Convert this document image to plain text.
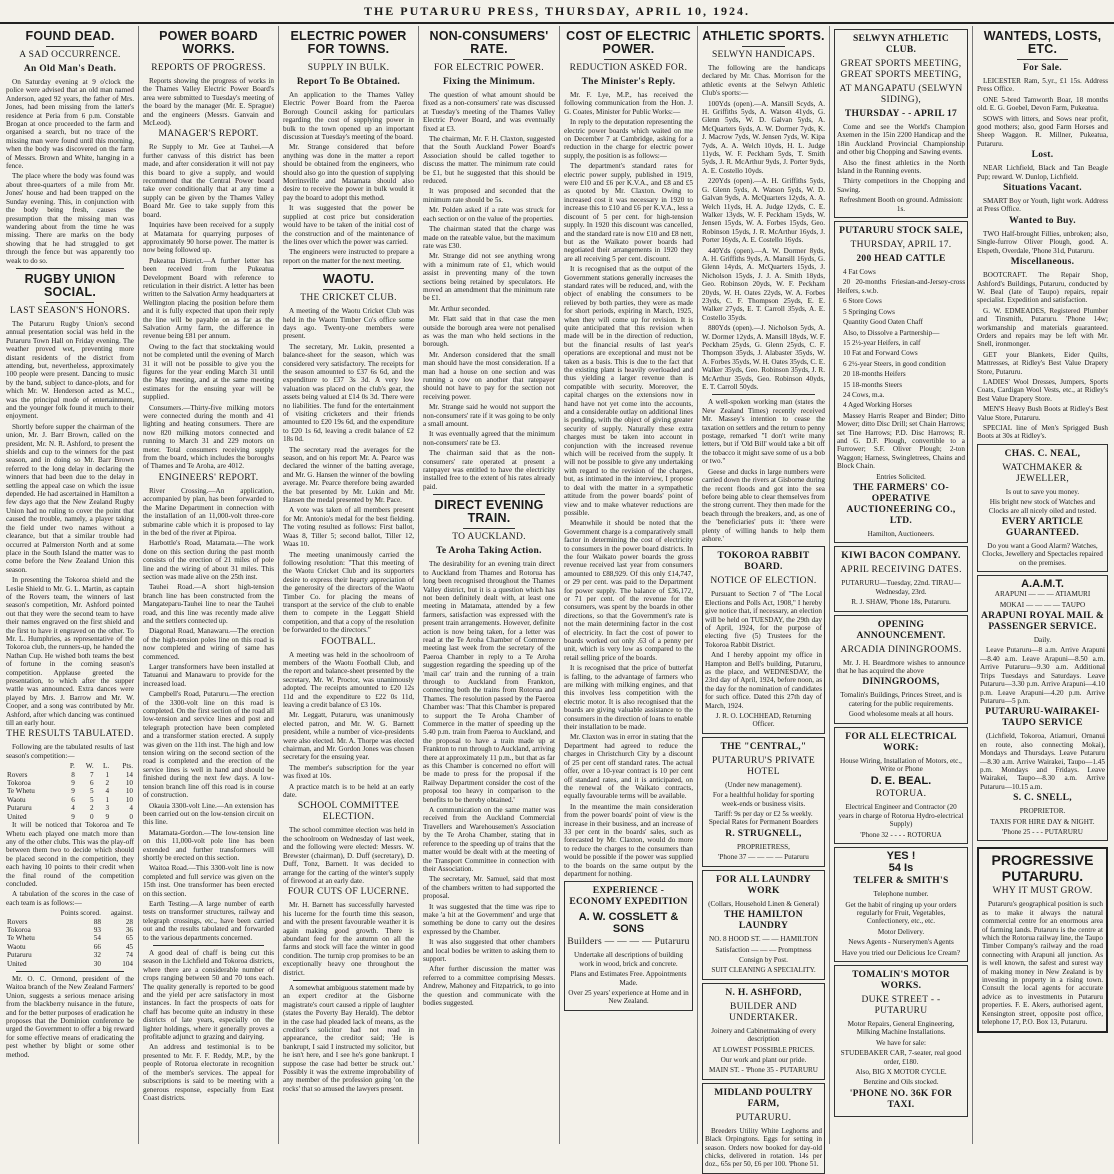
THE PUTARURU PRESS, THURSDAY, APRIL 10, 1924.
FOUND DEAD.
A SAD OCCURRENCE.
An Old Man's Death.

On Saturday evening at 9 o'clock the police were advised that an old man named Anderson, aged 92 years, the father of Mrs. Jones, had been missing from the latter's residence at Peria from 6 p.m. Constable Brogan at once proceeded to the farm and organised a search, but no trace of the missing man were found until this morning, when the body was discovered on the farm of Messrs. Brown and White, hanging in a fence.

The place where the body was found was about three-quarters of a mile from Mr. Jones' house and had been trapped on the Sunday evening. This, in conjunction with the body being fresh, causes the presumption that the missing man was wandering about from the time he was missing. There are marks on the body showing that he had struggled to get through the fence but was apparently too weak to do so.

RUGBY UNION SOCIAL.
LAST SEASON'S HONORS.

The Putaruru Rugby Union's second annual presentation social was held in the Putaruru Town Hall on Friday evening. The weather proved wet, preventing more distant residents of the district from attending, but, nevertheless, approximately 100 people were present. Dancing to music by the band, subject to dance-plots, and for which Mr. W. Henderson acted as M.C., was the principal mode of entertainment, and the younger folk found it much to their enjoyment.

Shortly before supper the chairman of the union, Mr. J. Barr Brown, called on the president, Mr. N. R. Ashford, to present the shields and cup to the winners for the past season, and in doing so Mr. Barr Brown referred to the long delay in declaring the winners that had been due to the delay in settling the appeal case on which the issue depended. He had ascertained in Hamilton a few days ago that the New Zealand Rugby Union had no ruling to cover the point that caused the trouble, namely, a player taking the field under two names without a clearance, but that a similar trouble had occurred at Palmerston North and at some place in the South Island the matter was to come before the New Zealand Union this season.

In presenting the Tokoroa shield and the Leslie Shield to Mr. G. L. Martin, as captain of the Rovers team, the winners of last season's competition, Mr. Ashford pointed out that they were the second team to have their names engraved on the first shield and the first to have it engraved on the other. To Mr. L. Humphries, as representative of the Tokoroa club, the runners-up, he handed the Nathan Cup. He wished both teams the best of fortune in the coming season's competition. Applause greeted the presentation, to which after the supper wattle was announced. Extra dances were played by Mrs. J. Barrow and Mr. W. Cooper, and a song was contributed by Mr. Ashford, after which dancing was continued till an early hour.

THE RESULTS TABULATED.

Following are the tabulated results of last season's competition:—

	P.	W.	L.	Pts.
Rovers	8	7	1	14
Tokoroa	9	6	2	10
Te Whetu	9	5	4	10
Waotu	6	5	1	10
Putaruru	4	2	3	4
United	9	0	9	0

It will be noticed that Tokoroa and Te Whetu each played one match more than any of the other clubs. This was the play-off between them two to decide which should be placed second in the competition, they each having 10 points to their credit when the final round of the competition concluded.

A tabulation of the scores in the case of each team is as follows:—

	Points scored.	against.
Rovers	88	28
Tokoroa	93	36
Te Whetu	54	65
Waotu	66	45
Putaruru	32	74
United	30	104

Mr. O. C. Ormond, president of the Waitoa branch of the New Zealand Farmers' Union, suggests a serious menace arising from the blackberry nuisance in the future, and for the better purposes of eradication he proposes that the Dominion conference be urged the Government to offer a big reward for some effective means of eradicating the pest whether by blight or some other method.

POWER BOARD WORKS.
REPORTS OF PROGRESS.

Reports showing the progress of works in the Thames Valley Electric Power Board's area were submitted to Tuesday's meeting of the board by the manager (Mr. E. Sprague) and the engineers (Messrs. Ganvain and McLeod).

MANAGER'S REPORT.

Re Supply to Mr. Gee at Tauhei.—A further canvass of this district has been made, and after consideration it will not pay this board to give a supply, and would recommend that the Central Power board take over conditionally that at any time a supply can be given by the Thames Valley Board Mr. Gee to take supply from this board.

Inquiries have been received for a supply at Matamata for quarrying purposes of approximately 90 horse power. The matter is now being followed up.

Pukeatua District.—A further letter has been received from the Pukeatua Development Board with reference to reticulation in their district. A letter has been written to the Salvation Army headquarters at Wellington placing the position before them and it is fully expected that upon their reply the line will be payable on as far as the Salvation Army farm, the difference in revenue being £81 per annum.

Owing to the fact that stocktaking would not be completed until the evening of March 31 it will not be possible to give you the figures for the year ending March 31 until the May meeting, and at the same meeting estimates for the ensuing year will be supplied.

Consumers.—Thirty-five milking motors were connected during the month and 41 lighting and heating consumers. There are now 820 milking motors connected and running to March 31 and 229 motors on meter. Total consumers receiving supply from the board, which includes the boroughs of Thames and Te Aroha, are 4012.

ENGINEERS' REPORT.

River Crossing.—An application, accompanied by plan, has been forwarded to the Marine Department in connection with the installation of an 11,000-volt three-core submarine cable which it is proposed to lay in the bed of the river at Pipiroa.

Harbottle's Road, Matamata.—The work done on this section during the past month consists of the erection of 21 miles of pole line and the wiring of about 31 miles. This section was made alive on the 25th inst.

Tauhei Road.—A short high-tension branch line has been constructed from the Mangateparu-Tauhei line to near the Tauhei road, and this line was recently made alive and the settlers connected up.

Diagonal Road, Manawaru.—The erection of the high-tension poles line on this road is now completed and wiring of same has commenced.

Larger transformers have been installed at Tatuanui and Manawaru to provide for the increased load.

Campbell's Road, Putaruru.—The erection of the 3300-volt line on this road is completed. On the first section of the road all low-tension and service lines and post and telegraph protection have been completed and a transformer station erected. A supply was given on the 11th inst. The high and low tension wiring on the second section of the road is completed and the erection of the service lines is well in hand and should be finished during the next few days. A low-tension branch line off this road is in course of construction.

Okauia 3300-volt Line.—An extension has been carried out on the low-tension circuit on this line.

Matamata-Gordon.—The low-tension line on this 11,000-volt pole line has been extended and further transformers will shortly be erected on this section.

Waitoa Road.—This 3300-volt line is now completed and full service was given on the 15th inst. One transformer has been erected on this section.

Earth Testing.—A large number of earth tests on transformer structures, railway and telegraph crossings, etc., have been carried out and the results tabulated and forwarded to the various departments concerned.

A good deal of chaff is being cut this season in the Lichfield and Tokoroa districts, where there are a considerable number of crops ranging between 50 and 70 tons each. The quality generally is reported to be good and the yield per acre satisfactory in most instances. In fact the prospects of oats for chaff has become quite an industry in these districts of late years, especially on the lighter holdings, where it generally proves a profitable adjunct to grazing and dairying.

An address and testimonial is to be presented to Mr. F. F. Reddy, M.P., by the people of Rotorua electorate in recognition of the member's services. The appeal for subscriptions is said to be meeting with a generous response, especially from East Coast districts.

ELECTRIC POWER FOR TOWNS.
SUPPLY IN BULK.
Report To Be Obtained.

An application to the Thames Valley Electric Power Board from the Paeroa Borough Council asking for particulars regarding the cost of supplying power in bulk to the town opened up an important discussion at Tuesday's meeting of the board.

Mr. Strange considered that before anything was done in the matter a report should be obtained from the engineers, who should also go into the question of supplying Morrinsville and Matamata should also desire to receive the power in bulk would it pay the board to adopt this method.

It was suggested that the power be supplied at cost price but consideration would have to be taken of the initial cost of the construction and of the maintenance of the lines over which the power was carried.

The engineers were instructed to prepare a report on the matter for the next meeting.

WAOTU.
THE CRICKET CLUB.

A meeting of the Waotu Cricket Club was held in the Waotu Timber Co's office some days ago. Twenty-one members were present.

The secretary, Mr. Lukin, presented a balance-sheet for the season, which was considered very satisfactory. The receipts for the season amounted to £37 6s 6d, and the expenditure to £37 3s 3d. A very low valuation was placed on the club's gear, the assets being valued at £14 0s 3d. There were no liabilities. The fund for the entertainment of visiting cricketers and their friends amounted to £20 19s 6d, and the expenditure to £20 1s 6d, leaving a credit balance of £2 18s 0d.

The secretary read the averages for the season, and on his report Mr. A. Pearce was declared the winner of the batting average, and Mr. G. Hansen the winner of the bowling average. Mr. Pearce therefore being awarded the bat presented by Mr. Lukin and Mr. Hansen the medal presented by Mr. Pace.

A vote was taken of all members present for Mr. Antonio's medal for the best fielding. The voting resulted as follows: First ballot, Waas 8, Tiller 5; second ballot, Tiller 12, Waas 10.

The meeting unanimously carried the following resolution: "That this meeting of the Waotu Cricket Club and its supporters desire to express their hearty appreciation of the generosity of the directors of the Waotu Timber Co. for placing the means of transport at the service of the club to enable them to compete in the Leggatt Shield competition, and that a copy of the resolution be forwarded to the directors."

FOOTBALL.

A meeting was held in the schoolroom of members of the Waotu Football Club, and the report and balance-sheet presented by the secretary, Mr. W. Proctor, was unanimously adopted. The receipts amounted to £20 12s 11d and the expenditure to £22 0s 11d, leaving a credit balance of £3 10s.

Mr. Leggatt, Putaruru, was unanimously elected patron, and Mr. W. G. Barnett president, while a number of vice-presidents were also elected. Mr. A. Thorpe was elected chairman, and Mr. Gordon Jones was chosen secretary for the ensuing year.

The member's subscription for the year was fixed at 10s.

A practice match is to be held at an early date.

SCHOOL COMMITTEE ELECTION.

The school committee election was held in the schoolroom on Wednesday of last week, and the following were elected: Messrs. W. Brewster (chairman), D. Duff (secretary), D. Duff, Tonz, Barnett. It was decided to arrange for the carting of the winter's supply of firewood at an early date.

FOUR CUTS OF LUCERNE.

Mr. H. Barnett has successfully harvested his lucerne for the fourth time this season, and with the present favourable weather it is again making good growth. There is abundant feed for the autumn on all the farms and stock will face the winter in good condition. The turnip crop promises to be an exceptionally heavy one throughout the district.

A somewhat ambiguous statement made by an expert creditor at the Gisborne magistrate's court caused a ripple of laughter (states the Poverty Bay Herald). The debtor in the case had pleaded lack of means, as the creditor's solicitor had not read in appearance, the creditor said; 'He is bankrupt, I said I instructed my solicitor, but he isn't here, and I see he's gone bankrupt. I suppose the case had better be struck out.' Possibly it was the extreme improbability of any member of the profession going 'on the rocks' that so amused the lawyers present.

NON-CONSUMERS' RATE.
FOR ELECTRIC POWER.
Fixing the Minimum.

The question of what amount should be fixed as a non-consumers' rate was discussed at Tuesday's meeting of the Thames Valley Electric Power Board, and was eventually fixed at £3.

The chairman, Mr. F. H. Claxton, suggested that the South Auckland Power Board's Association should be called together to discuss the matter. The minimum rate could be £1, but he suggested that this should be reduced.

It was proposed and seconded that the minimum rate should be 5s.

Mr. Polden asked if a rate was struck for each section or on the value of the properties.

The chairman stated that the charge was made on the rateable value, but the maximum rate was £30.

Mr. Strange did not see anything wrong with a minimum rate of £1, which would assist in preventing many of the town sections being retained by speculators. He moved an amendment that the minimum rate be £1.

Mr. Arthur seconded.

Mr. Flatt said that in that case the men outside the borough area were not penalised as was the man who held sections in the borough.

Mr. Anderson considered that the small man should have the most consideration. If a man had a house on one section and was running a cow on another that ratepayer should not have to pay for the section not receiving power.

Mr. Strange said he would not support the non-consumers' rate if it was going to be only a small amount.

It was eventually agreed that the minimum non-consumers' rate be £3.

The chairman said that as the non-consumers' rate operated at present a ratepayer was entitled to have the electricity installed free to the extent of his rates already paid.

DIRECT EVENING TRAIN.
TO AUCKLAND.
Te Aroha Taking Action.

The desirability for an evening train direct to Auckland from Thames and Rotorua has long been recognised throughout the Thames Valley district, but it is a question which has not been definitely dealt with, at least one meeting in Matamata, attended by a few farmers, satisfaction was expressed with the present train arrangements. However, definite action is now being taken, for a letter was read at the Te Aroha Chamber of Commerce meeting last week from the secretary of the Paeroa Chamber in reply to a Te Aroha suggestion regarding the speeding up of the 'mail car' train and the running of a train through to Auckland from Frankton, connecting both the trains from Rotorua and Thames. The resolution passed by the Paeroa Chamber was: 'That this Chamber is prepared to support the Te Aroha Chamber of Commerce in the matter of speeding up the 5.40 p.m. train from Paeroa to Auckland, and the proposal to have a train made up at Frankton to run through to Auckland, arriving there at approximately 11 p.m., but that as far as this Chamber is concerned no effort will be made to press for the proposal if the Railway Department consider the cost of the proposal too heavy in comparison to the benefits to be thereby obtained.'

A communication on the same matter was received from the Auckland Commercial Travellers and Warehousemen's Association by the Te Aroha Chamber, stating that in reference to the speeding up of trains that the matter would be dealt with at the meeting of the Transport Committee in connection with their Association.

The secretary, Mr. Samuel, said that most of the chambers written to had supported the proposal.

It was suggested that the time was ripe to make 'a hit at the Government' and urge that something be done to carry out the desires expressed by the Chamber.

It was also suggested that other chambers and local bodies be written to asking them to support.

After further discussion the matter was referred to a committee comprising Messrs. Andrew, Mahoney and Fitzpatrick, to go into the question and communicate with the bodies suggested.

COST OF ELECTRIC POWER.
REDUCTION ASKED FOR.
The Minister's Reply.

Mr. F. Lye, M.P., has received the following communication from the Hon. J. G. Coates, Minister for Public Works:—

In reply to the deputation representing the electric power boards which waited on me on December 7 at Cambridge, asking for a reduction in the charge for electric power supply, the position is as follows:—

The department's standard rates for electric power supply, published in 1919, were £10 and £6 per K.V.A., and £8 and £5 as quoted by Mr. Claxton. Owing to increased cost it was necessary in 1920 to increase this to £10 and £6 per K.V.A., less a discount of 5 per cent. for high-tension supply. In 1920 this discount was cancelled, and the standard rate is now £10 and £8 nett, but as the Waikato power boards had negotiated their arrangements in 1920 they are all receiving 5 per cent. discount.

It is recognised that as the output of the Government stations generally increases the standard rates will be reduced, and, with the object of enabling the consumers to be relieved by both parties, they were as made for short periods, expiring in March, 1925, when they will come up for revision. It is quite anticipated that this revision when made will be in the direction of reduction, but the financial results of last year's operations are exceptional and must not be taken as a basis. This is due to the fact that the existing plant is heavily overloaded and thus yielding a larger revenue than is compatible with security. Moreover, the capital charges on the extensions now in hand have not yet come into the accounts, and a considerable outlay on additional lines is pending, with the object of giving greater security of supply. Naturally these extra charges must be taken into account in conjunction with the increased revenue which will be received from the supply. It will not be possible to give any undertaking with regard to the revision of the charges, but, as intimated in the interview, I propose to deal with the matter in a sympathetic attitude from the power boards' point of view and to make whatever reductions are possible.

Meanwhile it should be noted that the Government charge is a comparatively small factor in determining the cost of electricity to consumers in the power board districts. In the four Waikato power boards the gross revenue received last year from consumers amounted to £88,929. Of this only £14,747, or 29 per cent. was paid to the Department for power supply. The balance of £36,172, or 71 per cent. of the revenue for the consumers, was spent by the boards in other directions, so that the Government's rate is not the main determining factor in the cost of electricity. In fact the cost of power to boards worked out only .63 of a penny per unit, which is very low as compared to the retail selling price of the boards.

It is recognised that the price of butterfat is falling, to the advantage of farmers who are milking with milking engines, and that this involves less competition with the electric motor. It is also recognised that the boards are giving valuable assistance to the consumers in the direction of loans to enable their installation to be made.

Mr. Claxton was in error in stating that the Department had agreed to reduce the charges in Christchurch City by a discount of 25 per cent off standard rates. The actual offer, over a 10-year contract is 10 per cent off standard rates, and it is anticipated, on the renewal of the Waikato contracts, equally favourable terms will be available.

In the meantime the main consideration from the power boards' point of view is the increase in their business, and an increase of 33 per cent in the boards' sales, such as forecasted by Mr. Claxton, would do more to reduce the charges to the consumers than would be possible if the power was supplied to the boards on the same output by the department for nothing.

EXPERIENCE - ECONOMY EXPEDITION
A. W. COSSLETT & SONS
Builders — — — — Putaruru

Undertake all descriptions of building work in wood, brick and concrete.

Plans and Estimates Free. Appointments Made.

Over 25 years' experience at Home and in New Zealand.

ATHLETIC SPORTS.
SELWYN HANDICAPS.

The following are the handicaps declared by Mr. Chas. Morrison for the athletic events at the Selwyn Athletic Club's sports:—

100Yds (open).—A. Mansill Scyds, A. H. Griffiths 5yds, A. Watson 41yds, G. Glenn 5yds, W. D. Galvan 5yds, A. McQuarters 6yds, A. W. Dormer 7yds, K. J. Macrow 7yds, W. Jensen 7yds, W. Kipa 7yds, A. A. Welch 10yds, H. L. Judge 11yds, W. F. Peckham 5yds, T. Smith 5yds, J. R. McArthur 9yds, J. Porter 9yds, A. E. Costello 10yds.

220Yds (open).—A. H. Griffiths 5yds, G. Glenn 5yds, A. Watson 5yds, W. D. Galvan 9yds, A. McQuarters 12yds, A. A. Welch 11yds, H. A. Judge 12yds, C. E. Walker 13yds, W. F. Peckham 15yds, W. Jensen 15yds, W. A. Forbes 15yds, Geo. Robinson 15yds, J. R. McArthur 16yds, J. Porter 16yds, A. E. Costello 16yds.

440Yds (open).—A. W. Dormer 8yds, A. H. Griffiths 9yds, A. Mansill 16yds, G. Glenn 14yds, A. McQuarters 15yds, J. Nicholson 15yds, J. J. A. Smith 18yds, Geo. Robinson 20yds, W. F. Peckham 20yds, W. H. Oates 22yds, W. A. Forbes 23yds, C. F. Thompson 25yds, E. E. Walker 27yds, E. T. Carroll 35yds, A. E. Costello 35yds.

880Yds (open).—J. Nicholson 5yds, A. W. Dormer 12yds, A. Mansill 18yds, W. F. Peckham 25yds, G. Glenn 25yds, C. F. Thompson 35yds, J. Alabaster 35yds, W. A. Forbes 35yds, W. H. Oates 35yds, C. E. Walker 35yds, Geo. Robinson 35yds, J. R. McArthur 35yds, Geo. Robinson 40yds, E. T. Carroll 50yds.

A well-spoken working man (states the New Zealand Times) recently received Mr. Massey's intention to cease the taxation on settlers and the return to penny postage, remarked "I don't write many letters, but if 'Old Bill' would take a bit off the tobacco it might save some of us a bob or two."

Geese and ducks in large numbers were carried down the rivers at Gisborne during the recent floods and got into the sea before being able to clear themselves from the strong current. They then made for the beach through the breakers, and, as one of the 'beneficiaries' puts it: 'there were plenty of willing hands to help them ashore.'

TOKOROA RABBIT BOARD.
NOTICE OF ELECTION.

Pursuant to Section 7 of "The Local Elections and Polls Act, 1908," I hereby give notice that, if necessary, an election will be held on TUESDAY, the 29th day of April, 1924, for the purpose of electing five (5) Trustees for the Tokoroa Rabbit District.

And I hereby appoint my office in Hampton and Bell's building, Putaruru, as the place, and WEDNESDAY, the 23rd day of April, 1924, before noon, as the day for the nomination of candidates for such office. Dated this 27th day of March, 1924.

J. R. O. LOCHHEAD, Returning Officer.

THE "CENTRAL,"
PUTARURU'S PRIVATE HOTEL

(Under new management).

For a healthful holiday for sporting week-ends or business visits.

Tariff: 9s per day or £2 5s weekly. Special Rates for Permanent Boarders

R. STRUGNELL,

PROPRIETRESS,

'Phone 37 — — — — Putaruru

FOR ALL LAUNDRY WORK

(Collars, Household Linen & General)

THE HAMILTON LAUNDRY

NO. 8 HOOD ST. — — HAMILTON

Satisfaction — — — Promptness

Consign by Post.

SUIT CLEANING A SPECIALITY.

N. H. ASHFORD,
BUILDER AND UNDERTAKER.

Joinery and Cabinetmaking of every description

AT LOWEST POSSIBLE PRICES.

Our work and plant our pride.

MAIN ST. - 'Phone 35 - PUTARURU

MIDLAND POULTRY FARM,
PUTARURU.

Breeders Utility White Leghorns and Black Orpingtons. Eggs for setting in season. Orders now booked for day-old chicks, delivered in rotation. 14s per doz., 65s per 50, £6 per 100. 'Phone 51.

SELWYN ATHLETIC CLUB.
GREAT SPORTS MEETING, GREAT SPORTS MEETING,
AT MANGAPATU (SELWYN SIDING),
THURSDAY - - APRIL 17

Come and see the World's Champion Axemen in the 15in 2200 Handicap and the 18in Auckland Provincial Championship and other big Chopping and Sawing events.

Also the finest athletics in the North Island in the Running events.

Thirty competitors in the Chopping and Sawing.

Refreshment Booth on ground. Admission: 1s.

PUTARURU STOCK SALE,
THURSDAY, APRIL 17.
200 HEAD CATTLE

4 Fat Cows

20 20-months Friesian-and-Jersey-cross Heifers, s.w.b.

6 Store Cows

5 Springing Cows

Quantity Good Oaten Chaff

Also, to Dissolve a Partnership—

15 2½-year Heifers, in calf

10 Fat and Forward Cows

6 2½-year Steers, in good condition

20 18-months Heifers

15 18-months Steers

24 Cows, m.a.

4 Aged Working Horses

Massey Harris Reaper and Binder; Ditto Mower; ditto Disc Drill; set Chain Harrows; set Tine Harrows; P.D. Disc Harrows; R. and G. D.F. Plough, convertible to a Furrower; S.F. Oliver Plough; 2-ton Waggon; Harness, Swingletrees, Chains and Block Chain.

Entries Solicited.

THE FARMERS' CO-OPERATIVE AUCTIONEERING CO., LTD.

Hamilton, Auctioneers.

KIWI BACON COMPANY.
APRIL RECEIVING DATES.

PUTARURU—Tuesday, 22nd. TIRAU—Wednesday, 23rd.

R. J. SHAW, 'Phone 18s, Putaruru.

OPENING ANNOUNCEMENT.
ARCADIA DININGROOMS.

Mr. J. H. Beardmore wishes to announce that he has acquired the above

DININGROOMS,

Tomalin's Buildings, Princes Street, and is catering for the public requirements.

Good wholesome meals at all hours.

FOR ALL ELECTRICAL WORK:

House Wiring, Installation of Motors, etc., Write or Phone

D. E. BEAL.
ROTORUA.

Electrical Engineer and Contractor (20 years in charge of Rotorua Hydro-electrical Supply)

'Phone 32 - - - - ROTORUA

YES !
54 Is
TELFER & SMITH'S

Telephone number.

Get the habit of ringing up your orders regularly for Fruit, Vegetables, Confectionery, etc., etc.

Motor Delivery.

News Agents - Nurserymen's Agents

Have you tried our Delicious Ice Cream?

TOMALIN'S MOTOR WORKS.
DUKE STREET - - PUTARURU

Motor Repairs, General Engineering, Milking Machine Installations.

We have for sale:

STUDEBAKER CAR, 7-seater, real good order, £180.

Also, BIG X MOTOR CYCLE.

Benzine and Oils stocked.

'PHONE NO. 36K FOR TAXI.
WANTEDS, LOSTS, ETC.
For Sale.

LEICESTER Ram, 5.yr., £1 15s. Address Press Office.

ONE 5-bred Tamworth Boar, 18 months old. E. G. Goebel, Devon Farm, Pukeatua.

SOWS with litters, and Sows near profit, good mothers; also, good Farm Horses and Sheep Waggon. R. Millner, Pukeatua, Putaruru.

Lost.

NEAR Lichfield, Black and Tan Beagle Pup; reward. W. Dunlop, Lichfield.

Situations Vacant.

SMART Boy or Youth, light work. Address at Press Office.

Wanted to Buy.

TWO Half-brought Fillies, unbroken; also, Single-furrow Oliver Plough, good. A. Elspeth, Overdale, 'Phone 31d, Putaruru.

Miscellaneous.

BOOTCRAFT. The Repair Shop, Ashford's Buildings, Putaruru, conducted by W. Beal (late of Taupo) repairs, repair specialist. Expedition and satisfaction.

G. W. EDMEADES, Registered Plumber and Tinsmith, Putaruru. 'Phone 14w; workmanship and materials guaranteed. Orders and repairs may be left with Mr. Snell, ironmonger.

GET your Blankets, Eider Quilts, Mattresses, at Ridley's Best Value Drapery Store, Putaruru.

LADIES' Wool Dresses, Jumpers, Sports Coats, Cardigan Wool Vests, etc., at Ridley's Best Value Drapery Store.

MEN'S Heavy Bush Boots at Ridley's Best Value Store, Putaruru.

SPECIAL line of Men's Sprigged Bush Boots at 30s at Ridley's.

CHAS. C. NEAL,
WATCHMAKER & JEWELLER,

Is out to save you money.

His bright new stock of Watches and Clocks are all nicely oiled and tested.

EVERY ARTICLE GUARANTEED.

Do you want a Good Alarm? Watches, Clocks, Jewellery and Spectacles repaired on the premises.

A.A.M.T.

ARAPUNI — — — ATIAMURI

MOKAI — — — — TAUPO

ARAPUNI ROYAL MAIL & PASSENGER SERVICE.

Daily.

Leave Putaruru—8 a.m. Arrive Arapuni—8.40 a.m. Leave Arapuni—8.50 a.m. Arrive Putaruru—9.30 a.m. Additional Trips Tuesdays and Saturdays. Leave Putaruru—3.30 p.m. Arrive Arapuni—4.10 p.m. Leave Arapuni—4.20 p.m. Arrive Putaruru—5 p.m.

PUTARURU-WAIRAKEI-TAUPO SERVICE

(Lichfield, Tokoroa, Atiamuri, Ornanui en route, also connecting Mokai), Mondays and Thursdays. Leave Putaruru—8.30 a.m. Arrive Wairakei, Taupo—1.45 p.m. Mondays and Fridays. Leave Wairakei, Taupo—8.30 a.m. Arrive Putaruru—10.15 a.m.

S. C. SNELL,

PROPRIETOR.

TAXIS FOR HIRE DAY & NIGHT.

'Phone 25 - - - PUTARURU

PROGRESSIVE PUTARURU.
WHY IT MUST GROW.

Putaruru's geographical position is such as to make it always the natural commercial centre for an enormous area of farming lands. Putaruru is the centre at which the Rotorua railway line, the Taupo Timber Company's railway and the road connecting with Arapuni all junction. As is well known, the safest and surest way of making money in New Zealand is by investing in property in a rising town. Consult the local agents for accurate advice as to investments in Putaruru properties. F. E. Akers, authorised agent, Kensington street, opposite post office, telephone 17, P.O. Box 13, Putaruru.
